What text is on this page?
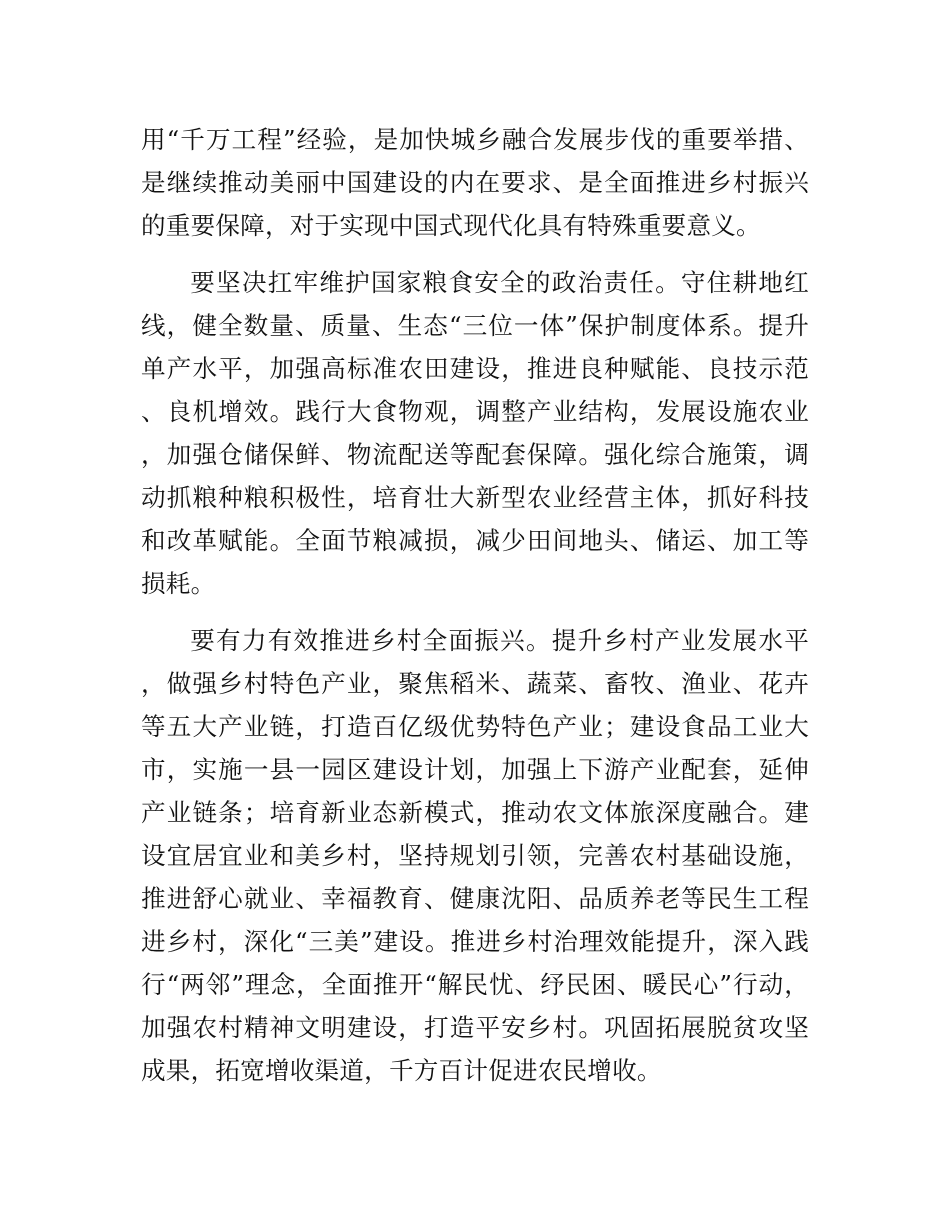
用“千万工程”经验，是加快城乡融合发展步伐的重要举措、是继续推动美丽中国建设的内在要求、是全面推进乡村振兴的重要保障，对于实现中国式现代化具有特殊重要意义。

要坚决扛牢维护国家粮食安全的政治责任。守住耕地红线，健全数量、质量、生态“三位一体”保护制度体系。提升单产水平，加强高标准农田建设，推进良种赋能、良技示范、良机增效。践行大食物观，调整产业结构，发展设施农业，加强仓储保鲜、物流配送等配套保障。强化综合施策，调动抓粮种粮积极性，培育壮大新型农业经营主体，抓好科技和改革赋能。全面节粮减损，减少田间地头、储运、加工等损耗。

要有力有效推进乡村全面振兴。提升乡村产业发展水平，做强乡村特色产业，聚焦稻米、蔬菜、畜牧、渔业、花卉等五大产业链，打造百亿级优势特色产业；建设食品工业大市，实施一县一园区建设计划，加强上下游产业配套，延伸产业链条；培育新业态新模式，推动农文体旅深度融合。建设宜居宜业和美乡村，坚持规划引领，完善农村基础设施，推进舒心就业、幸福教育、健康沈阳、品质养老等民生工程进乡村，深化“三美”建设。推进乡村治理效能提升，深入践行“两邻”理念，全面推开“解民忧、纾民困、暖民心”行动，加强农村精神文明建设，打造平安乡村。巩固拓展脱贫攻坚成果，拓宽增收渠道，千方百计促进农民增收。
